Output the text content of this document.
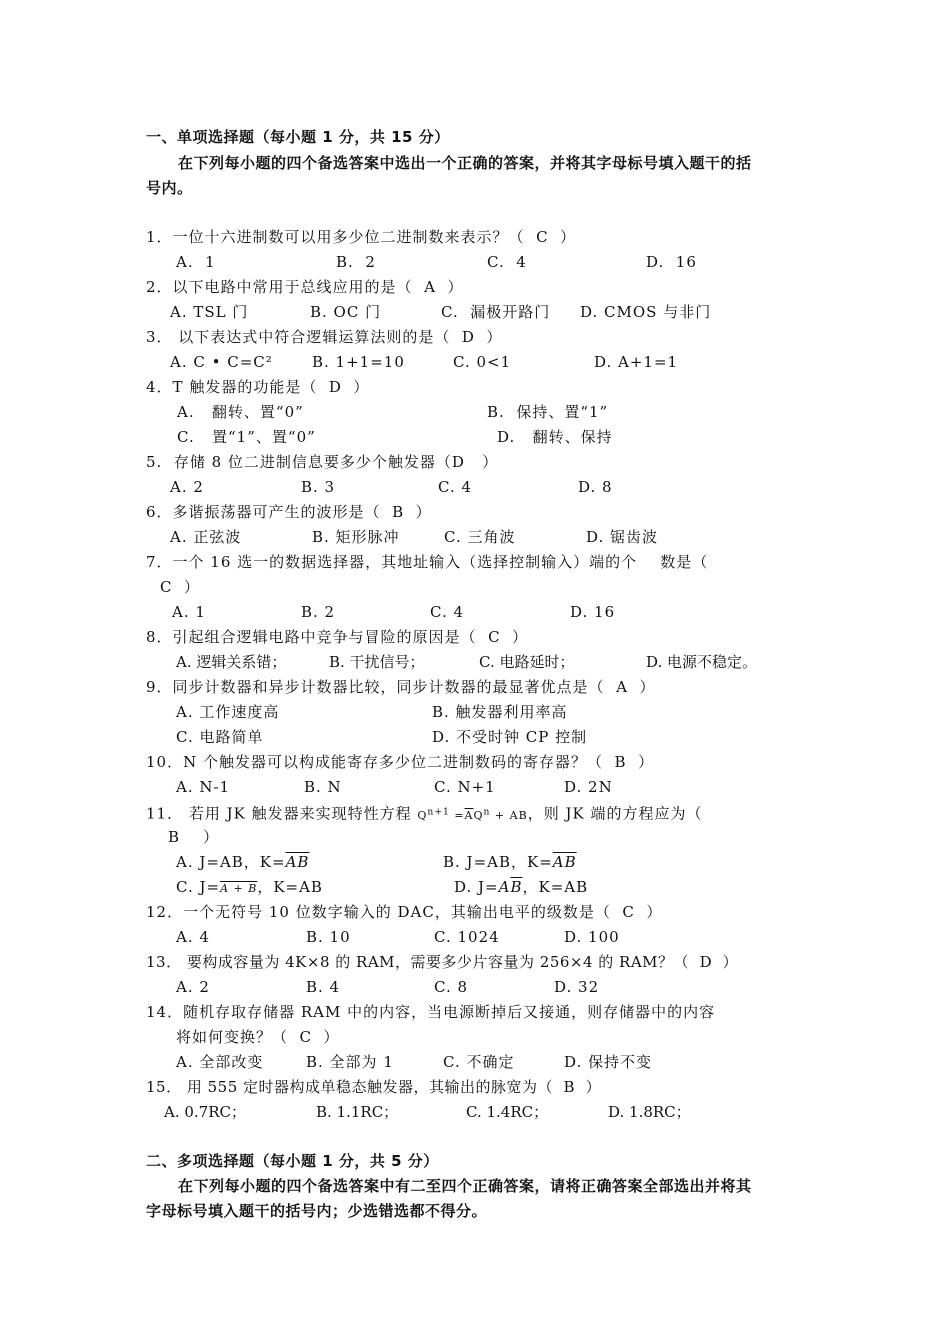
一、单项选择题（每小题 1 分，共 15 分）
在下列每小题的四个备选答案中选出一个正确的答案，并将其字母标号填入题干的括
号内。
1．一位十六进制数可以用多少位二进制数来表示？（  C  ）
A.  1	B.  2	C.  4	D.  16
2．以下电路中常用于总线应用的是（  A  ）
A. TSL 门	B. OC 门	C.  漏极开路门 D. CMOS 与非门
3． 以下表达式中符合逻辑运算法则的是（  D  ）
A. C • C=C²	B. 1+1=10	C. 0<1	D. A+1=1
4．T 触发器的功能是（  D  ）
A.   翻转、置“0”	B.  保持、置“1”
C.   置“1”、置“0”	D.   翻转、保持
5.  存储 8 位二进制信息要多少个触发器（D   ）
A. 2	B. 3	C. 4	D. 8
6．多谐振荡器可产生的波形是（  B  ）
A. 正弦波	B. 矩形脉冲	C. 三角波	D. 锯齿波
7．一个 16 选一的数据选择器，其地址输入（选择控制输入）端的个    数是（
C  ）
A. 1	B. 2	C. 4	D. 16
8．引起组合逻辑电路中竞争与冒险的原因是（  C  ）
A. 逻辑关系错；	B. 干扰信号；	C. 电路延时；	D. 电源不稳定。
9．同步计数器和异步计数器比较，同步计数器的最显著优点是（  A  ）
A. 工作速度高	B. 触发器利用率高
C. 电路简单	D. 不受时钟 CP 控制
10．N 个触发器可以构成能寄存多少位二进制数码的寄存器？（  B  ）
A. N-1	B. N	C. N+1	D. 2N
11． 若用 JK 触发器来实现特性方程 $Q^{n+1} =\overline{A}Q^n$ + AB，则 JK 端的方程应为（
B    ）
A. J=AB，$K=\overline{AB}$	B. J=AB，$K=\overline{A}\overline{B}$
C. J=A + B，K=AB	D. $J=A\overline{B}$，K=AB
12．一个无符号 10 位数字输入的 DAC，其输出电平的级数是（  C  ）
A. 4	B. 10	C. 1024	D. 100
13． 要构成容量为 4K×8 的 RAM，需要多少片容量为 256×4 的 RAM？（  D  ）
A. 2	B. 4	C. 8	D. 32
14．随机存取存储器 RAM 中的内容，当电源断掉后又接通，则存储器中的内容
将如何变换？（  C  ）
A. 全部改变	B. 全部为 1	C. 不确定	D. 保持不变
15． 用 555 定时器构成单稳态触发器，其输出的脉宽为（  B  ）
A. 0.7RC；	B. 1.1RC；	C. 1.4RC；	D. 1.8RC；
二、多项选择题（每小题 1 分，共 5 分）
在下列每小题的四个备选答案中有二至四个正确答案，请将正确答案全部选出并将其
字母标号填入题干的括号内；少选错选都不得分。
